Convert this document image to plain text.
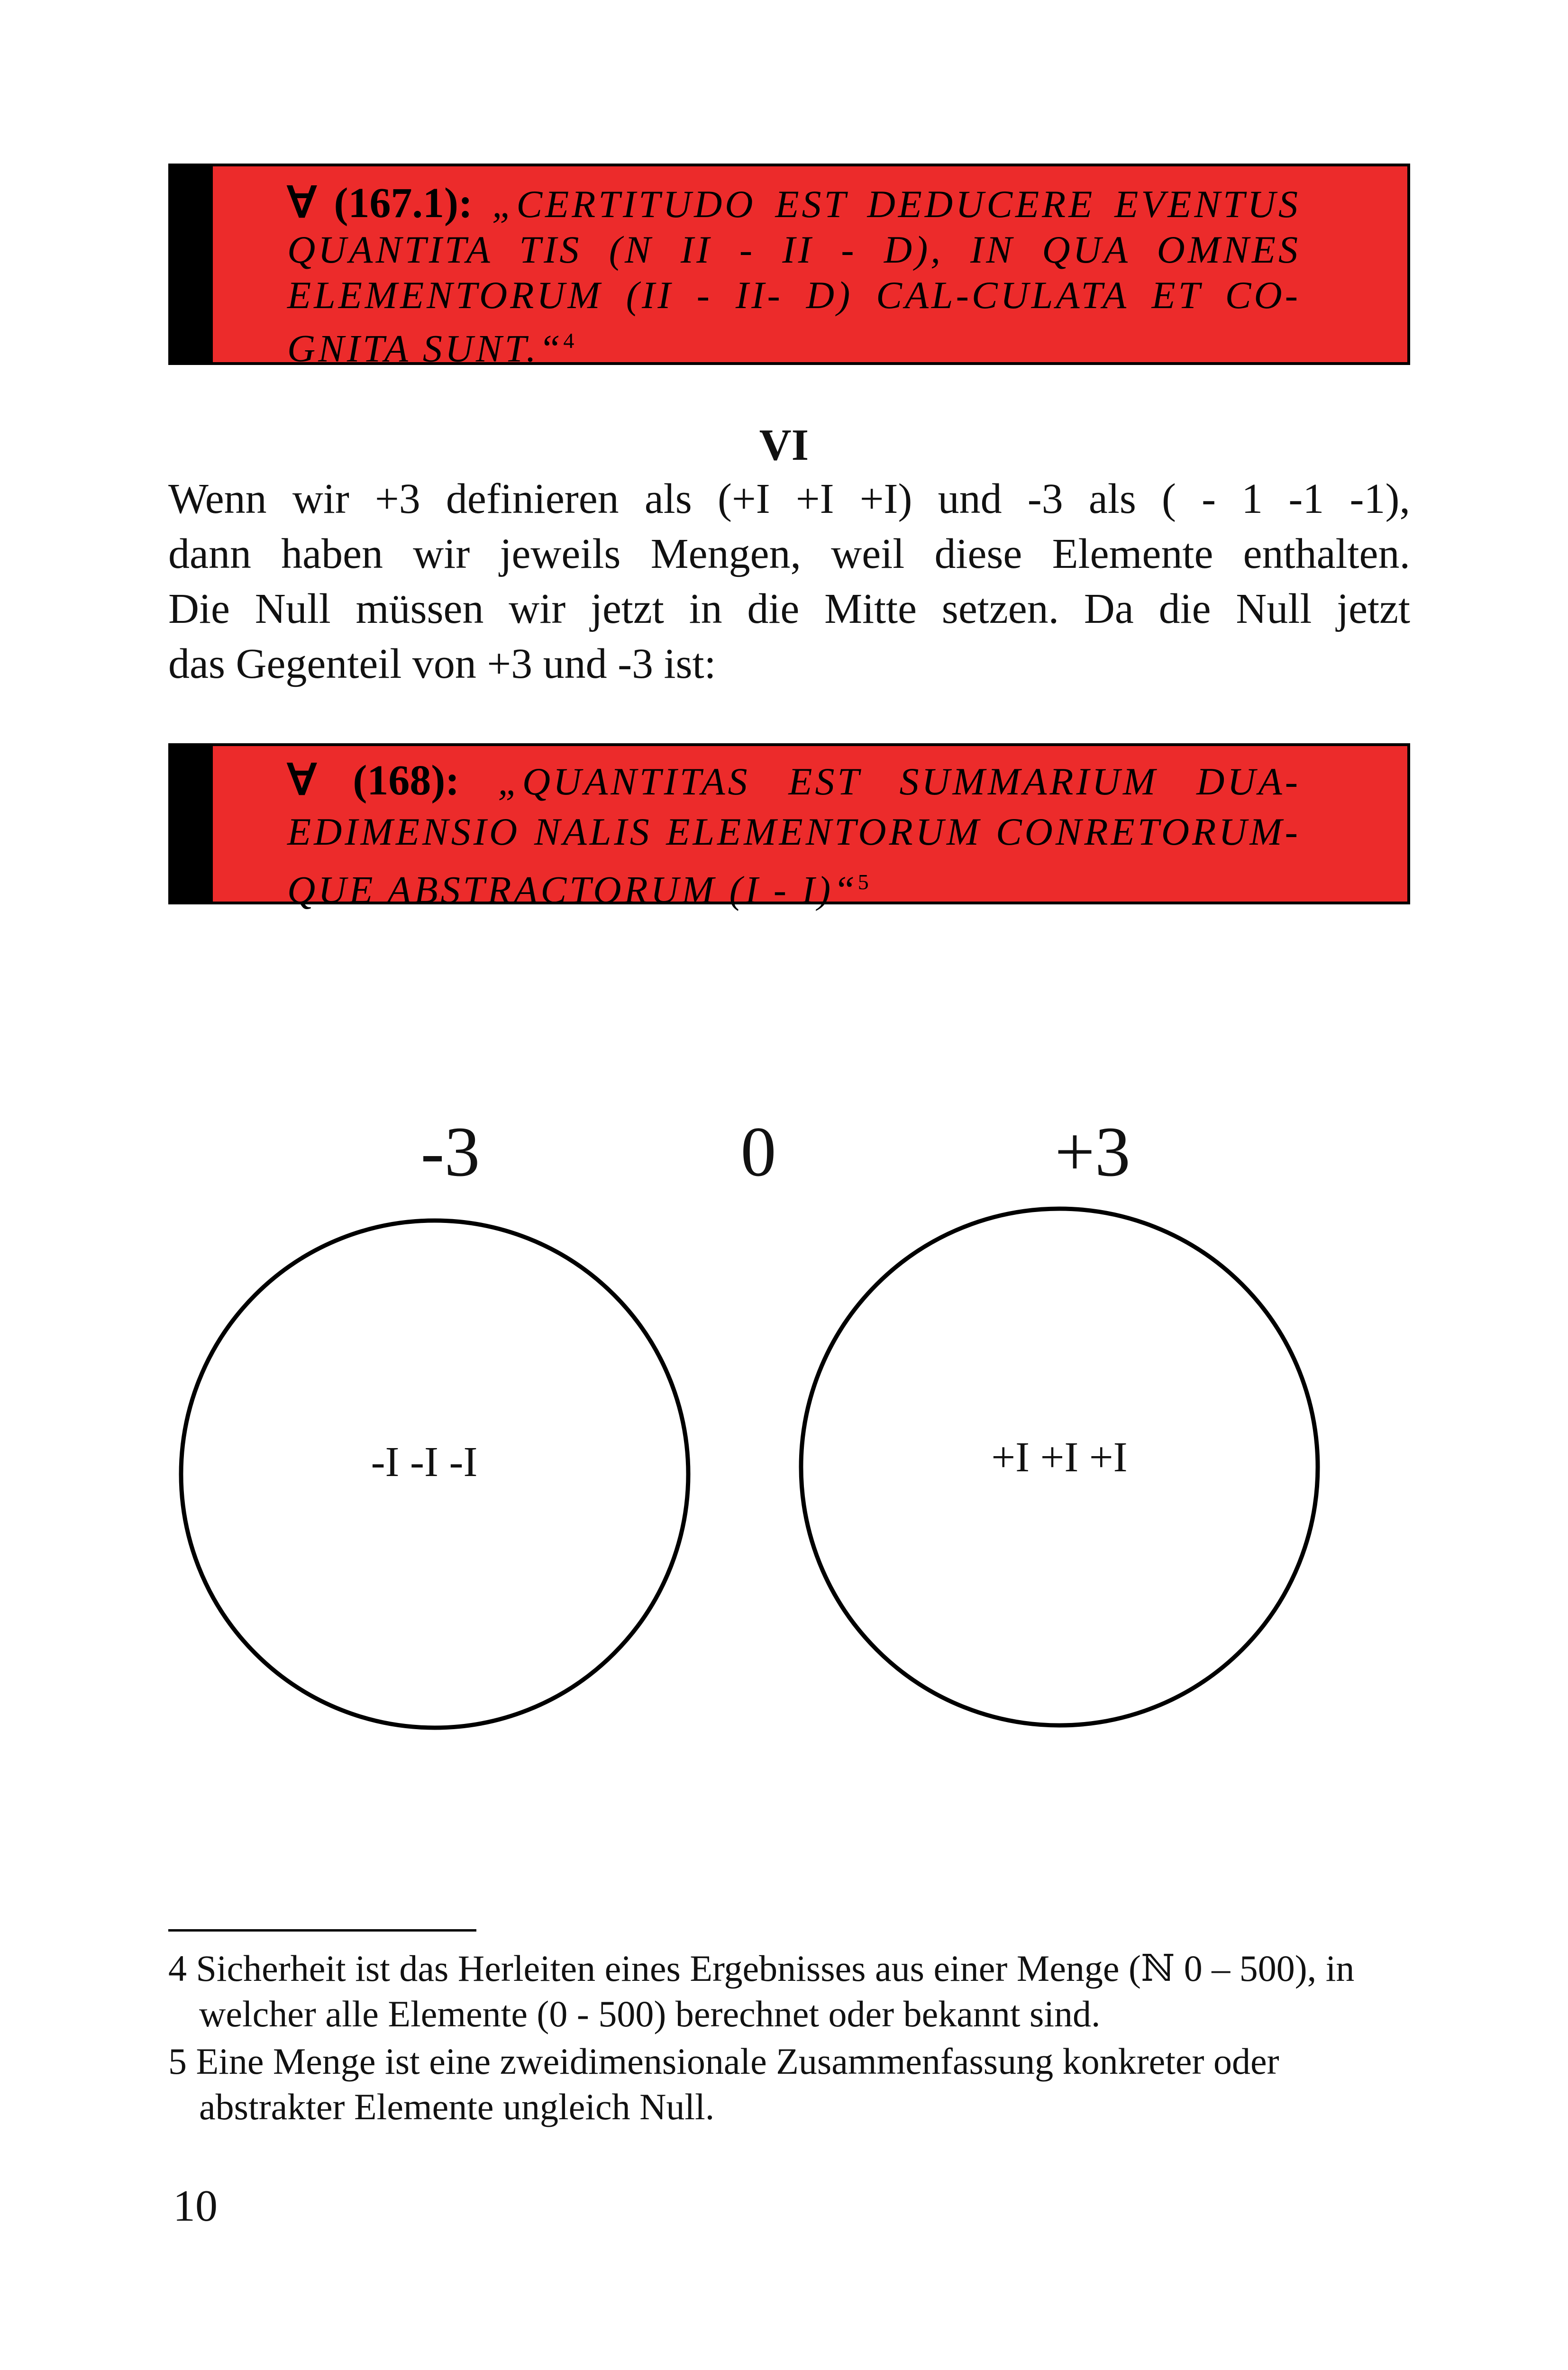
∀ (167.1): „CERTITUDO EST DEDUCERE EVENTUS QUANTITA TIS (N II - II - D), IN QUA OMNES ELEMENTORUM (II - II- D) CAL-CULATA ET CO-GNITA SUNT.“$^4$
VI
Wenn wir +3 definieren als (+I +I +I) und -3 als ( - 1 -1 -1),
dann haben wir jeweils Mengen, weil diese Elemente enthalten.
Die Null müssen wir jetzt in die Mitte setzen. Da die Null jetzt
das Gegenteil von +3 und -3 ist:
∀ (168): „QUANTITAS EST SUMMARIUM DUA-EDIMENSIO NALIS ELEMENTORUM CONRETORUM-QUE ABSTRACTORUM (I - I)“$^5$
-3	0	+3
-I -I -I	+I +I +I
4 Sicherheit ist das Herleiten eines Ergebnisses aus einer Menge (ℕ 0 – 500), in welcher alle Elemente (0 - 500) berechnet oder bekannt sind.
5 Eine Menge ist eine zweidimensionale Zusammenfassung konkreter oder abstrakter Elemente ungleich Null.
10
